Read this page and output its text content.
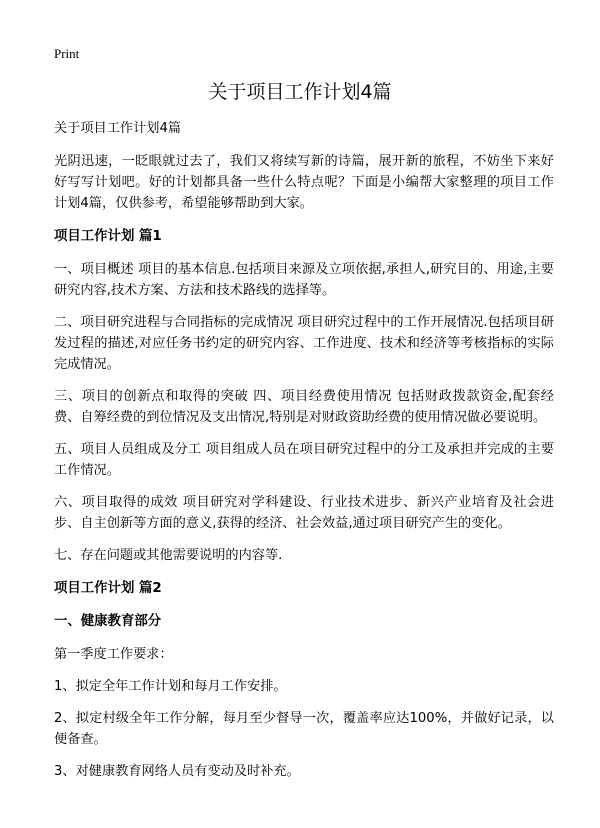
Print
关于项目工作计划4篇

关于项目工作计划4篇

光阴迅速，一眨眼就过去了，我们又将续写新的诗篇，展开新的旅程，不妨坐下来好好写写计划吧。好的计划都具备一些什么特点呢？下面是小编帮大家整理的项目工作计划4篇，仅供参考，希望能够帮助到大家。

项目工作计划 篇1

一、项目概述 项目的基本信息.包括项目来源及立项依据,承担人,研究目的、用途,主要研究内容,技术方案、方法和技术路线的选择等。

二、项目研究进程与合同指标的完成情况 项目研究过程中的工作开展情况.包括项目研发过程的描述,对应任务书约定的研究内容、工作进度、技术和经济等考核指标的实际完成情况。

三、项目的创新点和取得的突破 四、项目经费使用情况 包括财政拨款资金,配套经费、自筹经费的到位情况及支出情况,特别是对财政资助经费的使用情况做必要说明。

五、项目人员组成及分工 项目组成人员在项目研究过程中的分工及承担并完成的主要工作情况。

六、项目取得的成效 项目研究对学科建设、行业技术进步、新兴产业培育及社会进步、自主创新等方面的意义,获得的经济、社会效益,通过项目研究产生的变化。

七、存在问题或其他需要说明的内容等.

项目工作计划 篇2
一、健康教育部分

第一季度工作要求：

1、拟定全年工作计划和每月工作安排。

2、拟定村级全年工作分解，每月至少督导一次，覆盖率应达100%，并做好记录，以便备查。

3、对健康教育网络人员有变动及时补充。
